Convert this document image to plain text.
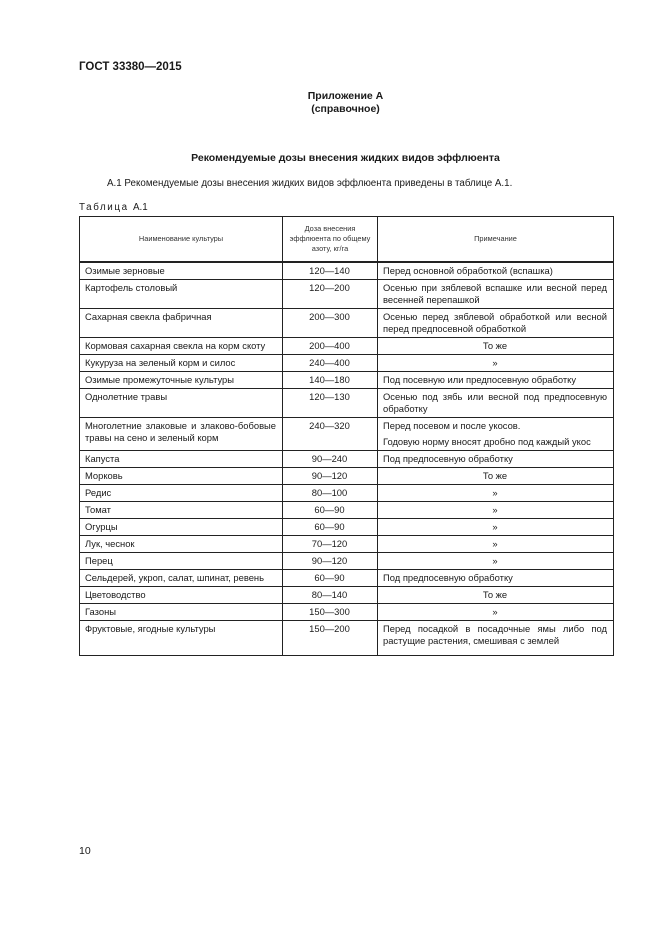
ГОСТ 33380—2015
Приложение А
(справочное)
Рекомендуемые дозы внесения жидких видов эффлюента
А.1 Рекомендуемые дозы внесения жидких видов эффлюента приведены в таблице А.1.
Таблица А.1
Наименование культуры	Доза внесения эффлюента по общему азоту, кг/га	Примечание
Озимые зерновые	120—140	Перед основной обработкой (вспашка)
Картофель столовый	120—200	Осенью при зяблевой вспашке или весной перед весенней перепашкой
Сахарная свекла фабричная	200—300	Осенью перед зяблевой обработкой или весной перед предпосевной обработкой
Кормовая сахарная свекла на корм скоту	200—400	То же
Кукуруза на зеленый корм и силос	240—400	»
Озимые промежуточные культуры	140—180	Под посевную или предпосевную обработку
Однолетние травы	120—130	Осенью под зябь или весной под предпосевную обработку
Многолетние злаковые и злаково-бобовые травы на сено и зеленый корм	240—320	Перед посевом и после укосов.
Годовую норму вносят дробно под каждый укос

Капуста	90—240	Под предпосевную обработку
Морковь	90—120	То же
Редис	80—100	»
Томат	60—90	»
Огурцы	60—90	»
Лук, чеснок	70—120	»
Перец	90—120	»
Сельдерей, укроп, салат, шпинат, ревень	60—90	Под предпосевную обработку
Цветоводство	80—140	То же
Газоны	150—300	»
Фруктовые, ягодные культуры	150—200	Перед посадкой в посадочные ямы либо под растущие растения, смешивая с землей
10
